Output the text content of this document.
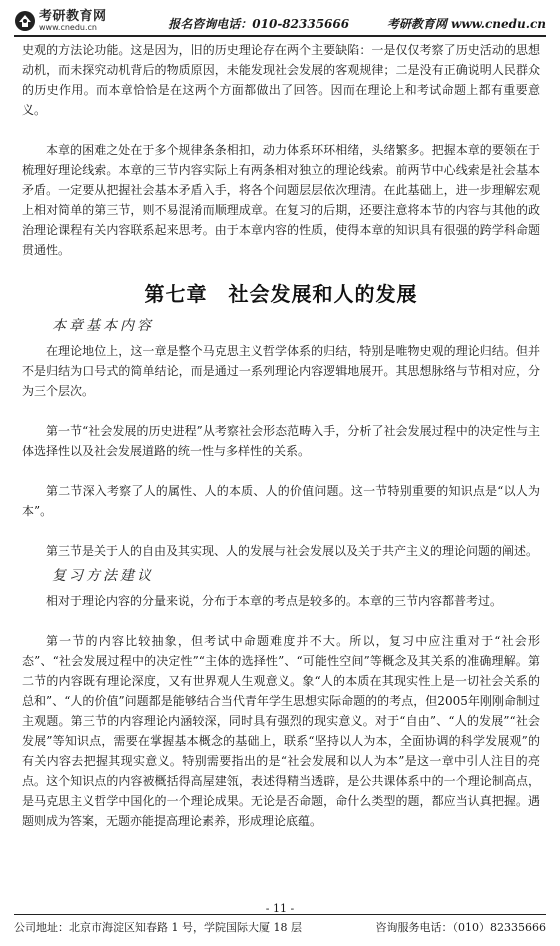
考研教育网
www.cnedu.cn	报名咨询电话：010-82335666	考研教育网 www.cnedu.cn

史观的方法论功能。这是因为，旧的历史理论存在两个主要缺陷：一是仅仅考察了历史活动的思想动机，而未探究动机背后的物质原因，未能发现社会发展的客观规律；二是没有正确说明人民群众的历史作用。而本章恰恰是在这两个方面都做出了回答。因而在理论上和考试命题上都有重要意义。

本章的困难之处在于多个规律条条相扣，动力体系环环相绪，头绪繁多。把握本章的要领在于梳理好理论线索。本章的三节内容实际上有两条相对独立的理论线索。前两节中心线索是社会基本矛盾。一定要从把握社会基本矛盾入手，将各个问题层层依次理清。在此基础上，进一步理解宏观上相对简单的第三节，则不易混淆而顺理成章。在复习的后期，还要注意将本节的内容与其他的政治理论课程有关内容联系起来思考。由于本章内容的性质，使得本章的知识具有很强的跨学科命题贯通性。

第七章　社会发展和人的发展
本章基本内容

在理论地位上，这一章是整个马克思主义哲学体系的归结，特别是唯物史观的理论归结。但并不是归结为口号式的简单结论，而是通过一系列理论内容逻辑地展开。其思想脉络与节相对应，分为三个层次。

第一节“社会发展的历史进程”从考察社会形态范畴入手，分析了社会发展过程中的决定性与主体选择性以及社会发展道路的统一性与多样性的关系。

第二节深入考察了人的属性、人的本质、人的价值问题。这一节特别重要的知识点是“以人为本”。

第三节是关于人的自由及其实现、人的发展与社会发展以及关于共产主义的理论问题的阐述。

复习方法建议

相对于理论内容的分量来说，分布于本章的考点是较多的。本章的三节内容都普考过。

第一节的内容比较抽象，但考试中命题难度并不大。所以，复习中应注重对于“社会形态”、“社会发展过程中的决定性”“主体的选择性”、“可能性空间”等概念及其关系的准确理解。第二节的内容既有理论深度，又有世界观人生观意义。象“人的本质在其现实性上是一切社会关系的总和”、“人的价值”问题都是能够结合当代青年学生思想实际命题的的考点，但2005年刚刚命制过主观题。第三节的内容理论内涵较深，同时具有强烈的现实意义。对于“自由”、“人的发展”“社会发展”等知识点，需要在掌握基本概念的基础上，联系“坚持以人为本，全面协调的科学发展观”的有关内容去把握其现实意义。特别需要指出的是“社会发展和以人为本”是这一章中引人注目的亮点。这个知识点的内容被概括得高屋建瓴，表述得精当透辟，是公共课体系中的一个理论制高点，是马克思主义哲学中国化的一个理论成果。无论是否命题，命什么类型的题，都应当认真把握。遇题则成为答案，无题亦能提高理论素养，形成理论底蕴。

- 11 -
公司地址：北京市海淀区知春路 1 号，学院国际大厦 18 层	咨询服务电话：（010）82335666
